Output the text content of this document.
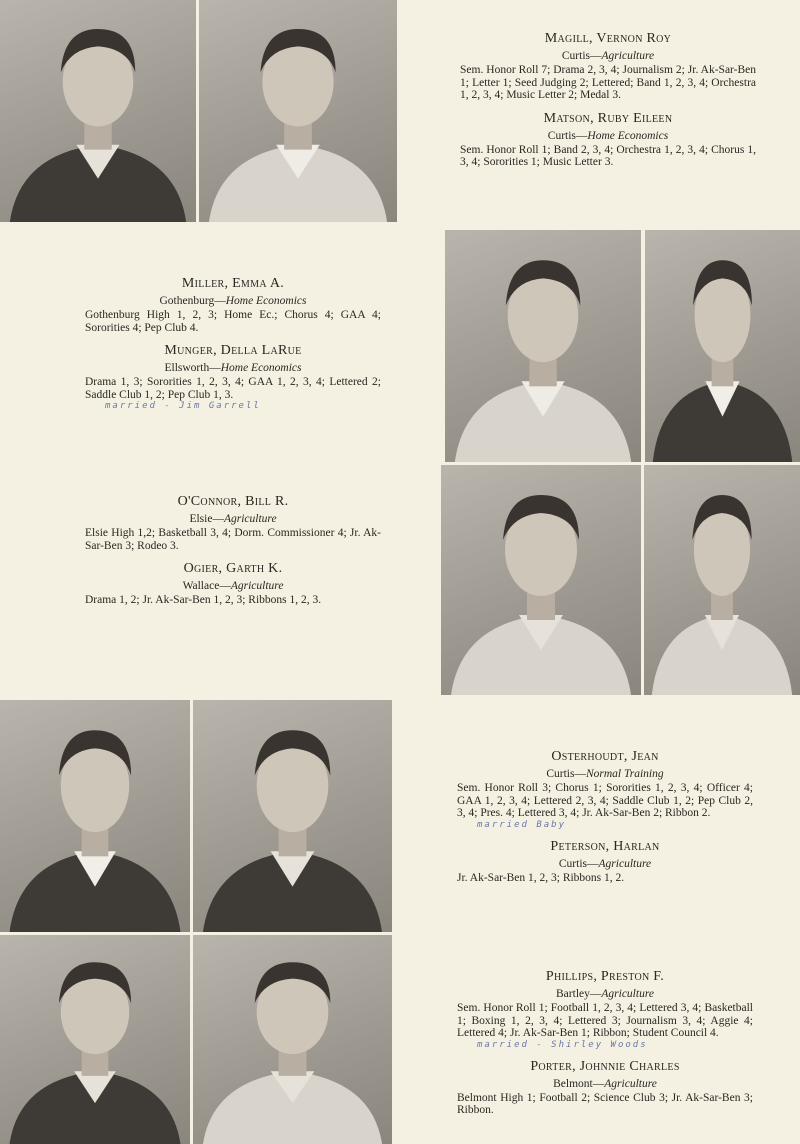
Magill, Vernon Roy
Curtis—Agriculture
Sem. Honor Roll 7; Drama 2, 3, 4; Journalism 2; Jr. Ak-Sar-Ben 1; Letter 1; Seed Judging 2; Lettered; Band 1, 2, 3, 4; Orchestra 1, 2, 3, 4; Music Letter 2; Medal 3.
Matson, Ruby Eileen
Curtis—Home Economics
Sem. Honor Roll 1; Band 2, 3, 4; Orchestra 1, 2, 3, 4; Chorus 1, 3, 4; Sororities 1; Music Letter 3.
Miller, Emma A.
Gothenburg—Home Economics
Gothenburg High 1, 2, 3; Home Ec.; Chorus 4; GAA 4; Sororities 4; Pep Club 4.
Munger, Della LaRue
Ellsworth—Home Economics
Drama 1, 3; Sororities 1, 2, 3, 4; GAA 1, 2, 3, 4; Lettered 2; Saddle Club 1, 2; Pep Club 1, 3.
married - Jim Garrell
O'Connor, Bill R.
Elsie—Agriculture
Elsie High 1,2; Basketball 3, 4; Dorm. Commissioner 4; Jr. Ak-Sar-Ben 3; Rodeo 3.
Ogier, Garth K.
Wallace—Agriculture
Drama 1, 2; Jr. Ak-Sar-Ben 1, 2, 3; Ribbons 1, 2, 3.
Osterhoudt, Jean
Curtis—Normal Training
Sem. Honor Roll 3; Chorus 1; Sororities 1, 2, 3, 4; Officer 4; GAA 1, 2, 3, 4; Lettered 2, 3, 4; Saddle Club 1, 2; Pep Club 2, 3, 4; Pres. 4; Lettered 3, 4; Jr. Ak-Sar-Ben 2; Ribbon 2.
married Baby
Peterson, Harlan
Curtis—Agriculture
Jr. Ak-Sar-Ben 1, 2, 3; Ribbons 1, 2.
Phillips, Preston F.
Bartley—Agriculture
Sem. Honor Roll 1; Football 1, 2, 3, 4; Lettered 3, 4; Basketball 1; Boxing 1, 2, 3, 4; Lettered 3; Journalism 3, 4; Aggie 4; Lettered 4; Jr. Ak-Sar-Ben 1; Ribbon; Student Council 4.
married - Shirley Woods
Porter, Johnnie Charles
Belmont—Agriculture
Belmont High 1; Football 2; Science Club 3; Jr. Ak-Sar-Ben 3; Ribbon.
